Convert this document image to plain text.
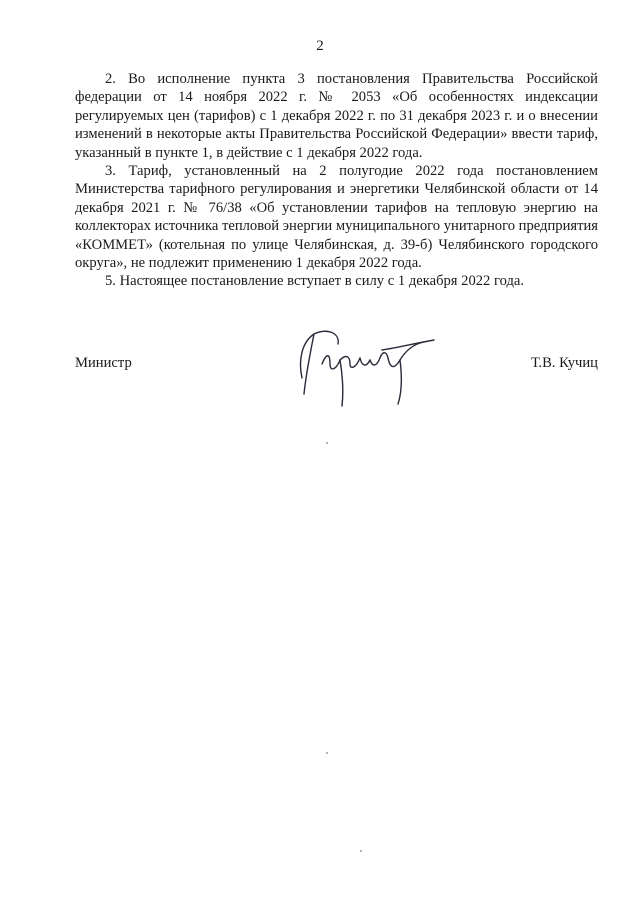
2

2. Во исполнение пункта 3 постановления Правительства Российской федерации от 14 ноября 2022 г. № 2053 «Об особенностях индексации регулируемых цен (тарифов) с 1 декабря 2022 г. по 31 декабря 2023 г. и о внесении изменений в некоторые акты Правительства Российской Федерации» ввести тариф, указанный в пункте 1, в действие с 1 декабря 2022 года.

3. Тариф, установленный на 2 полугодие 2022 года постановлением Министерства тарифного регулирования и энергетики Челябинской области от 14 декабря 2021 г. № 76/38 «Об установлении тарифов на тепловую энергию на коллекторах источника тепловой энергии муниципального унитарного предприятия «КОММЕТ» (котельная по улице Челябинская, д. 39-б) Челябинского городского округа», не подлежит применению 1 декабря 2022 года.

5. Настоящее постановление вступает в силу с 1 декабря 2022 года.

Министр	Т.В. Кучиц
